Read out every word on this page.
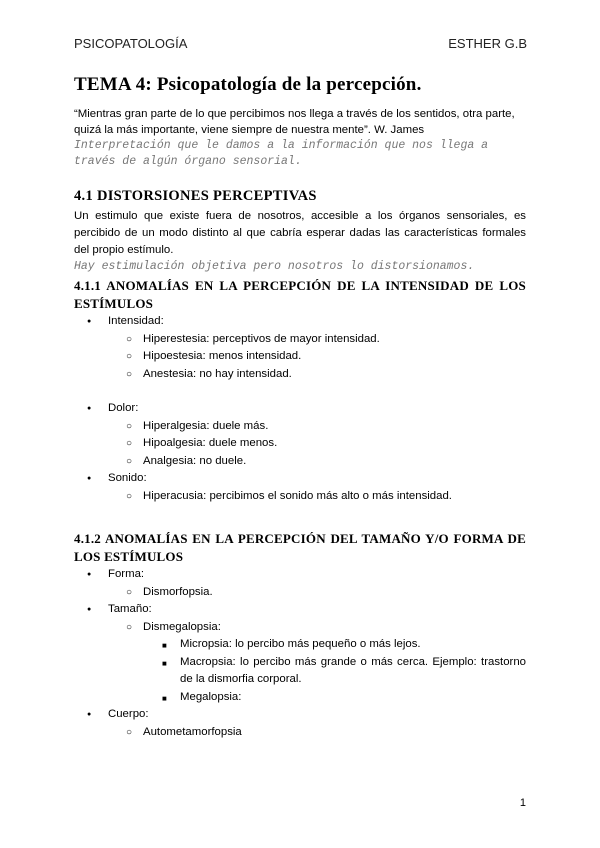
PSICOPATOLOGÍA	ESTHER G.B
TEMA 4: Psicopatología de la percepción.

“Mientras gran parte de lo que percibimos nos llega a través de los sentidos, otra parte, quizá la más importante, viene siempre de nuestra mente”. W. James

Interpretación que le damos a la información que nos llega a través de algún órgano sensorial.

4.1 DISTORSIONES PERCEPTIVAS

Un estimulo que existe fuera de nosotros, accesible a los órganos sensoriales, es percibido de un modo distinto al que cabría esperar dadas las características formales del propio estímulo.

Hay estimulación objetiva pero nosotros lo distorsionamos.

4.1.1 ANOMALÍAS EN LA PERCEPCIÓN DE LA INTENSIDAD DE LOS ESTÍMULOS
● Intensidad:
○ Hiperestesia: perceptivos de mayor intensidad.
○ Hipoestesia: menos intensidad.
○ Anestesia: no hay intensidad.
● Dolor:
○ Hiperalgesia: duele más.
○ Hipoalgesia: duele menos.
○ Analgesia: no duele.
● Sonido:
○ Hiperacusia: percibimos el sonido más alto o más intensidad.
4.1.2 ANOMALÍAS EN LA PERCEPCIÓN DEL TAMAÑO Y/O FORMA DE LOS ESTÍMULOS
● Forma:
○ Dismorfopsia.
● Tamaño:
○ Dismegalopsia:
■ Micropsia: lo percibo más pequeño o más lejos.
■ Macropsia: lo percibo más grande o más cerca. Ejemplo: trastorno de la dismorfia corporal.
■ Megalopsia:
● Cuerpo:
○ Autometamorfopsia
1
